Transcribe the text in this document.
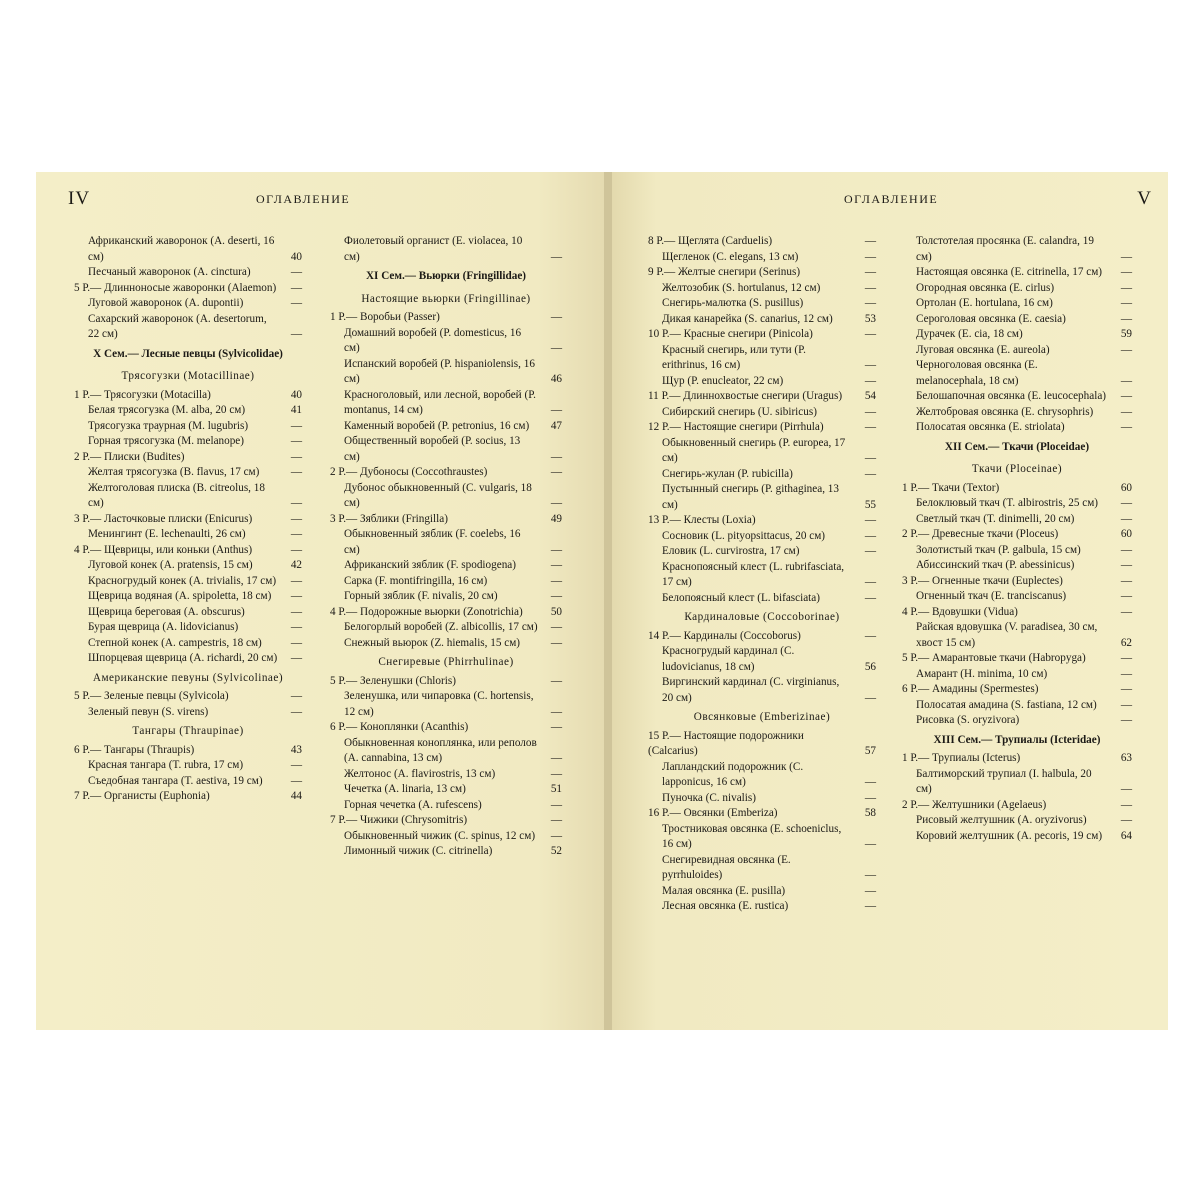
IV	ОГЛАВЛЕНИЕ
Африканский жаворонок (A. deserti, 16 см)	40
Песчаный жаворонок (A. cinctura)	—
5 Р.— Длинноносые жаворонки (Alaemon)	—
Луговой жаворонок (A. dupontii)	—
Сахарский жаворонок (A. desertorum, 22 см)	—
X Сем.— Лесные певцы (Sylvicolidae)
Трясогузки (Motacillinae)
1 Р.— Трясогузки (Motacilla)	40
Белая трясогузка (M. alba, 20 см)	41
Трясогузка траурная (M. lugubris)	—
Горная трясогузка (M. melanope)	—
2 Р.— Плиски (Budites)	—
Желтая трясогузка (B. flavus, 17 см)	—
Желтоголовая плиска (B. citreolus, 18 см)	—
3 Р.— Ласточковые плиски (Enicurus)	—
Менингинт (E. lechenaulti, 26 см)	—
4 Р.— Щеврицы, или коньки (Anthus)	—
Луговой конек (A. pratensis, 15 см)	42
Красногрудый конек (A. trivialis, 17 см)	—
Щеврица водяная (A. spipoletta, 18 см)	—
Щеврица береговая (A. obscurus)	—
Бурая щеврица (A. lidovicianus)	—
Степной конек (A. campestris, 18 см)	—
Шпорцевая щеврица (A. richardi, 20 см)	—
Американские певуны (Sylvicolinae)
5 Р.— Зеленые певцы (Sylvicola)	—
Зеленый певун (S. virens)	—
Тангары (Thraupinae)
6 Р.— Тангары (Thraupis)	43
Красная тангара (T. rubra, 17 см)	—
Съедобная тангара (T. aestiva, 19 см)	—
7 Р.— Органисты (Euphonia)	44
Фиолетовый органист (E. violacea, 10 см)	—
XI Сем.— Вьюрки (Fringillidae)
Настоящие вьюрки (Fringillinae)
1 Р.— Воробьи (Passer)	—
Домашний воробей (P. domesticus, 16 см)	—
Испанский воробей (P. hispaniolensis, 16 см)	46
Красноголовый, или лесной, воробей (P. montanus, 14 см)	—
Каменный воробей (P. petronius, 16 см)	47
Общественный воробей (P. socius, 13 см)	—
2 Р.— Дубоносы (Coccothraustes)	—
Дубонос обыкновенный (C. vulgaris, 18 см)	—
3 Р.— Зяблики (Fringilla)	49
Обыкновенный зяблик (F. coelebs, 16 см)	—
Африканский зяблик (F. spodiogena)	—
Сарка (F. montifringilla, 16 см)	—
Горный зяблик (F. nivalis, 20 см)	—
4 Р.— Подорожные вьюрки (Zonotrichia)	50
Белогорлый воробей (Z. albicollis, 17 см)	—
Снежный вьюрок (Z. hiemalis, 15 см)	—
Снегиревые (Phirrhulinae)
5 Р.— Зеленушки (Chloris)	—
Зеленушка, или чипаровка (C. hortensis, 12 см)	—
6 Р.— Коноплянки (Acanthis)	—
Обыкновенная коноплянка, или реполов (A. cannabina, 13 см)	—
Желтонос (A. flavirostris, 13 см)	—
Чечетка (A. linaria, 13 см)	51
Горная чечетка (A. rufescens)	—
7 Р.— Чижики (Chrysomitris)	—
Обыкновенный чижик (C. spinus, 12 см)	—
Лимонный чижик (C. citrinella)	52
V
ОГЛАВЛЕНИЕ
8 Р.— Щеглята (Carduelis)	—
Щегленок (C. elegans, 13 см)	—
9 Р.— Желтые снегири (Serinus)	—
Желтозобик (S. hortulanus, 12 см)	—
Снегирь-малютка (S. pusillus)	—
Дикая канарейка (S. canarius, 12 см)	53
10 Р.— Красные снегири (Pinicola)	—
Красный снегирь, или тути (P. erithrinus, 16 см)	—
Щур (P. enucleator, 22 см)	—
11 Р.— Длиннохвостые снегири (Uragus)	54
Сибирский снегирь (U. sibiricus)	—
12 Р.— Настоящие снегири (Pirrhula)	—
Обыкновенный снегирь (P. europea, 17 см)	—
Снегирь-жулан (P. rubicilla)	—
Пустынный снегирь (P. githaginea, 13 см)	55
13 Р.— Клесты (Loxia)	—
Сосновик (L. pityopsittacus, 20 см)	—
Еловик (L. curvirostra, 17 см)	—
Краснопоясный клест (L. rubrifasciata, 17 см)	—
Белопоясный клест (L. bifasciata)	—
Кардиналовые (Coccoborinae)
14 Р.— Кардиналы (Coccoborus)	—
Красногрудый кардинал (C. ludovicianus, 18 см)	56
Виргинский кардинал (C. virginianus, 20 см)	—
Овсянковые (Emberizinae)
15 Р.— Настоящие подорожники (Calcarius)	57
Лапландский подорожник (C. lapponicus, 16 см)	—
Пуночка (C. nivalis)	—
16 Р.— Овсянки (Emberiza)	58
Тростниковая овсянка (E. schoeniclus, 16 см)	—
Снегиревидная овсянка (E. pyrrhuloides)	—
Малая овсянка (E. pusilla)	—
Лесная овсянка (E. rustica)	—
Толстотелая просянка (E. calandra, 19 см)	—
Настоящая овсянка (E. citrinella, 17 см)	—
Огородная овсянка (E. cirlus)	—
Ортолан (E. hortulana, 16 см)	—
Сероголовая овсянка (E. caesia)	—
Дурачек (E. cia, 18 см)	59
Луговая овсянка (E. aureola)	—
Черноголовая овсянка (E. melanocephala, 18 см)	—
Белошапочная овсянка (E. leucocephala)	—
Желтобровая овсянка (E. chrysophris)	—
Полосатая овсянка (E. striolata)	—
XII Сем.— Ткачи (Ploceidae)
Ткачи (Ploceinae)
1 Р.— Ткачи (Textor)	60
Белоклювый ткач (T. albirostris, 25 см)	—
Светлый ткач (T. dinimelli, 20 см)	—
2 Р.— Древесные ткачи (Ploceus)	60
Золотистый ткач (P. galbula, 15 см)	—
Абиссинский ткач (P. abessinicus)	—
3 Р.— Огненные ткачи (Euplectes)	—
Огненный ткач (E. tranciscanus)	—
4 Р.— Вдовушки (Vidua)	—
Райская вдовушка (V. paradisea, 30 см, хвост 15 см)	62
5 Р.— Амарантовые ткачи (Habropyga)	—
Амарант (H. minima, 10 см)	—
6 Р.— Амадины (Spermestes)	—
Полосатая амадина (S. fastiana, 12 см)	—
Рисовка (S. oryzivora)	—
XIII Сем.— Трупиалы (Icteridae)
1 Р.— Трупиалы (Icterus)	63
Балтиморский трупиал (I. halbula, 20 см)	—
2 Р.— Желтушники (Agelaeus)	—
Рисовый желтушник (A. oryzivorus)	—
Коровий желтушник (A. pecoris, 19 см)	64
